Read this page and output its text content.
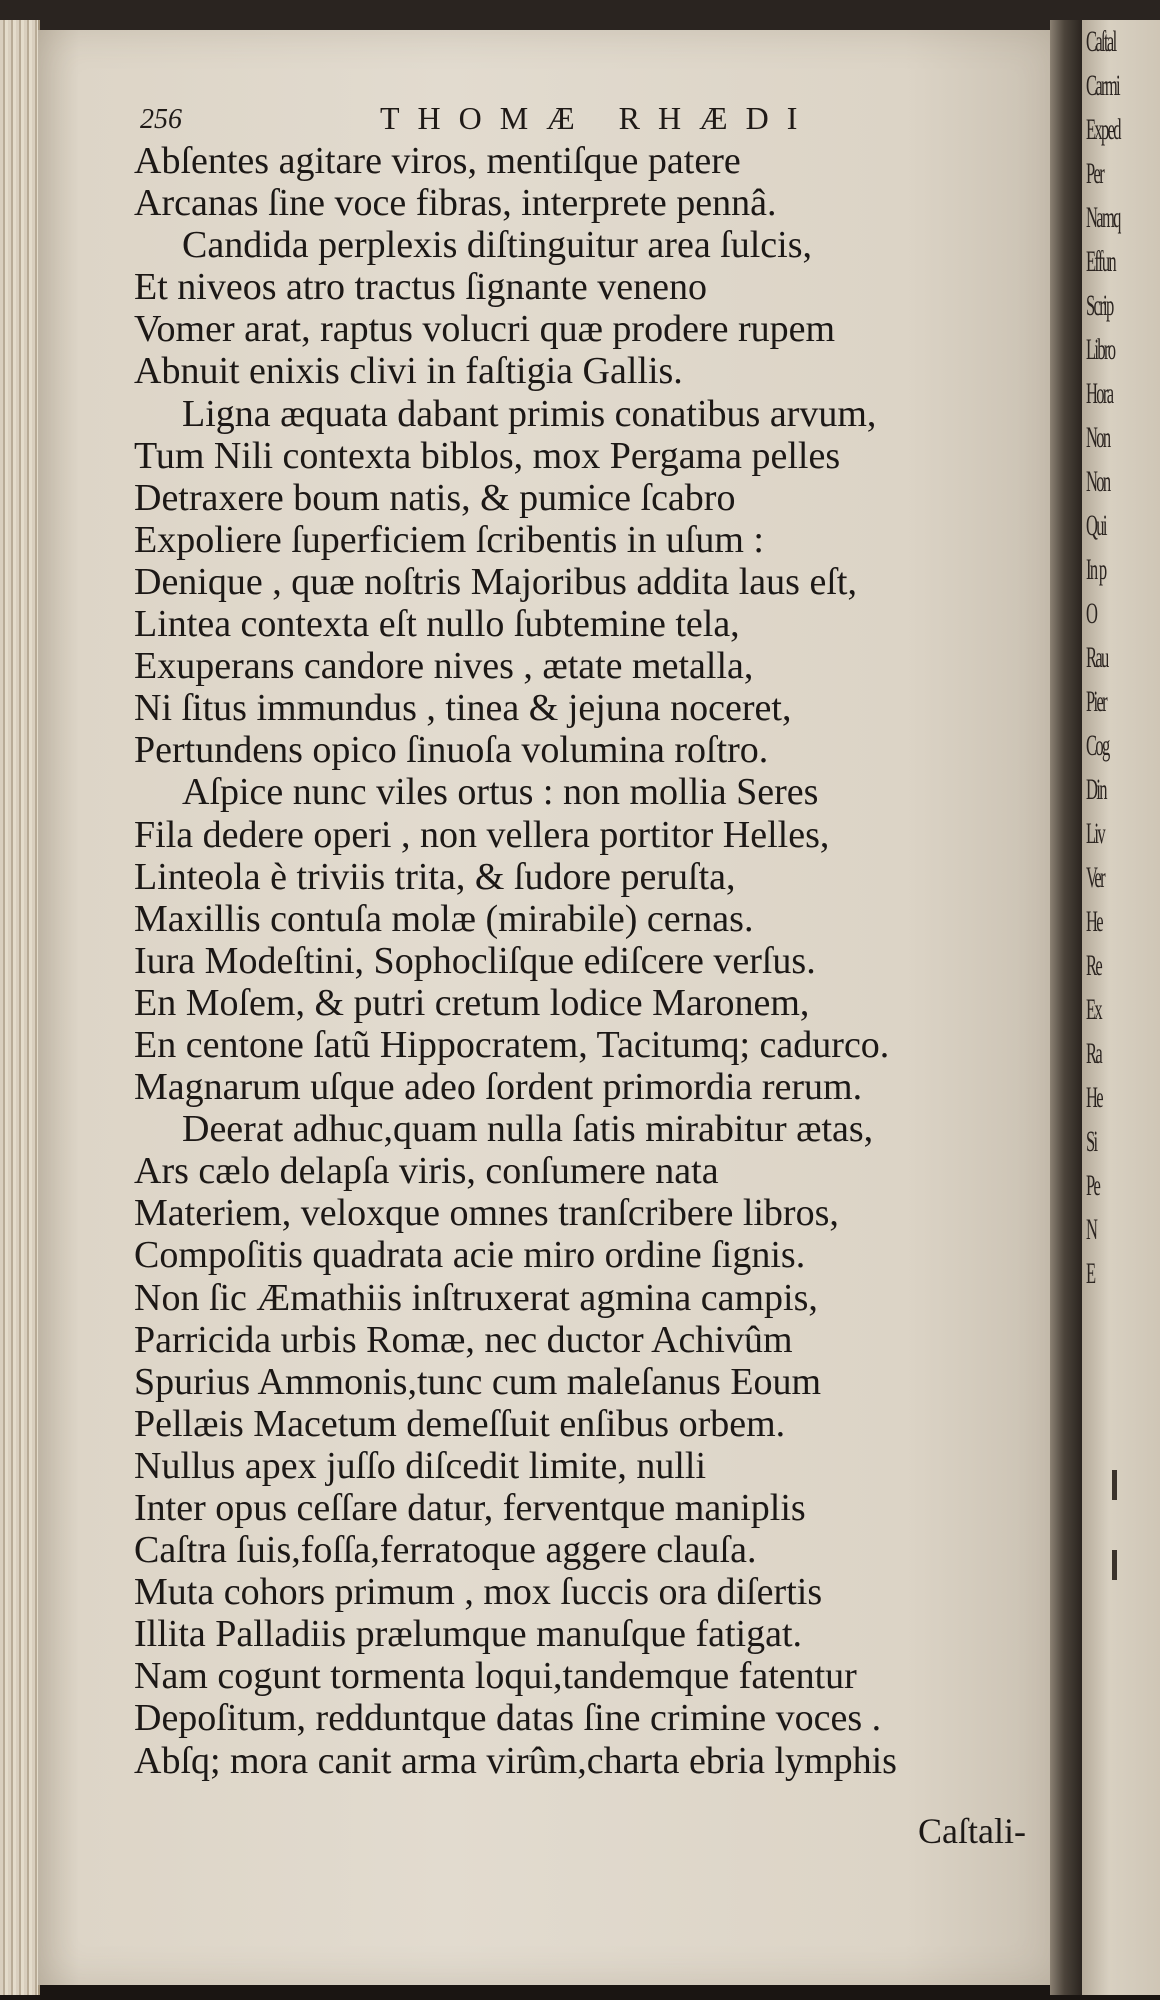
256	THOMÆ RHÆDI
Abſentes agitare viros, mentiſque patere
Arcanas ſine voce fibras, interprete pennâ.
Candida perplexis diſtinguitur area ſulcis,
Et niveos atro tractus ſignante veneno
Vomer arat, raptus volucri quæ prodere rupem
Abnuit enixis clivi in faſtigia Gallis.
Ligna æquata dabant primis conatibus arvum,
Tum Nili contexta biblos, mox Pergama pelles
Detraxere boum natis, & pumice ſcabro
Expoliere ſuperficiem ſcribentis in uſum :
Denique , quæ noſtris Majoribus addita laus eſt,
Lintea contexta eſt nullo ſubtemine tela,
Exuperans candore nives , ætate metalla,
Ni ſitus immundus , tinea & jejuna noceret,
Pertundens opico ſinuoſa volumina roſtro.
Aſpice nunc viles ortus : non mollia Seres
Fila dedere operi , non vellera portitor Helles,
Linteola è triviis trita, & ſudore peruſta,
Maxillis contuſa molæ (mirabile) cernas.
Iura Modeſtini, Sophocliſque ediſcere verſus.
En Moſem, & putri cretum lodice Maronem,
En centone ſatũ Hippocratem, Tacitumq; cadurco.
Magnarum uſque adeo ſordent primordia rerum.
Deerat adhuc,quam nulla ſatis mirabitur ætas,
Ars cælo delapſa viris, conſumere nata
Materiem, veloxque omnes tranſcribere libros,
Compoſitis quadrata acie miro ordine ſignis.
Non ſic Æmathiis inſtruxerat agmina campis,
Parricida urbis Romæ, nec ductor Achivûm
Spurius Ammonis,tunc cum maleſanus Eoum
Pellæis Macetum demeſſuit enſibus orbem.
Nullus apex juſſo diſcedit limite, nulli
Inter opus ceſſare datur, ferventque maniplis
Caſtra ſuis,foſſa,ferratoque aggere clauſa.
Muta cohors primum , mox ſuccis ora diſertis
Illita Palladiis prælumque manuſque fatigat.
Nam cogunt tormenta loqui,tandemque fatentur
Depoſitum, redduntque datas ſine crimine voces .
Abſq; mora canit arma virûm,charta ebria lymphis
Caſtali-
Caſtal
Carmi
Exped
Per
Namq
Effun
Scrip
Libro
Hora
Non
Non
Qui
In p
O
Rau
Pier
Cog
Din
Liv
Ver
He
Re
Ex
Ra
He
Si
Pe
N
E
